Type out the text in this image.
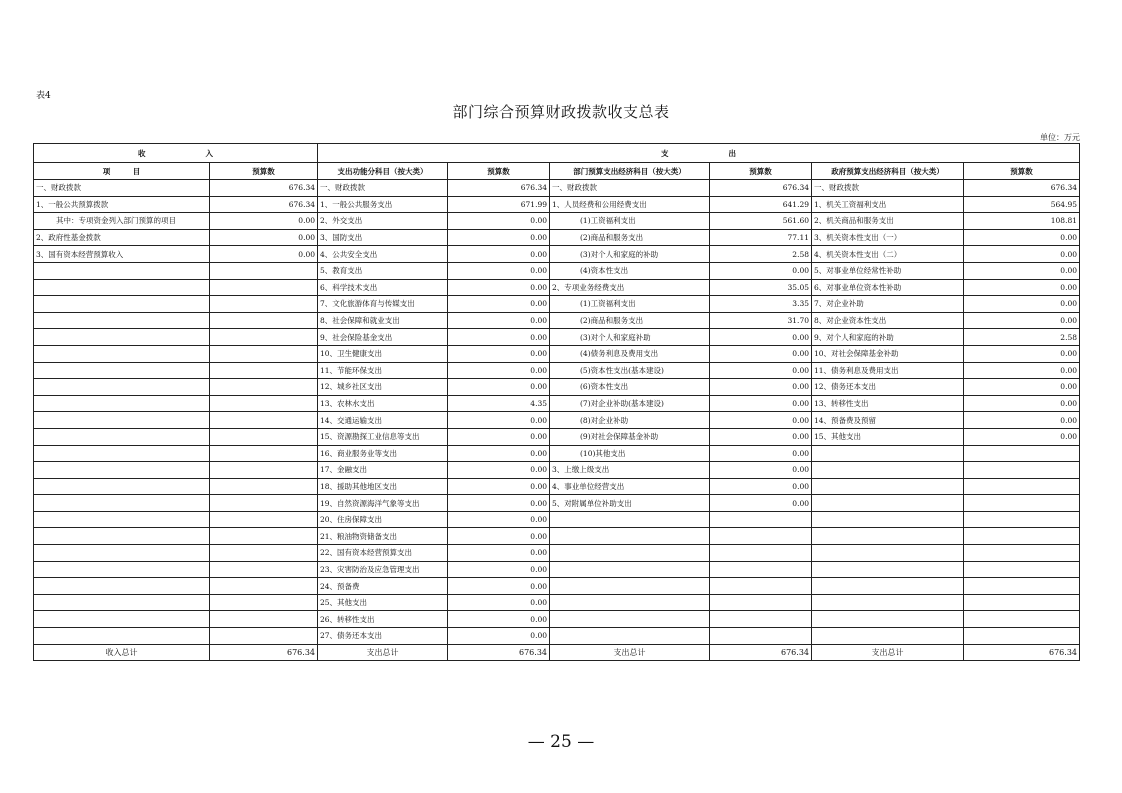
表4
部门综合预算财政拨款收支总表
单位：万元
收　　　　　　　　入		支　　　　　　　　出					
项　　　目	预算数	支出功能分科目（按大类）	预算数	部门预算支出经济科目（按大类）	预算数	政府预算支出经济科目（按大类）	预算数
一、财政拨款	676.34	一、财政拨款	676.34	一、财政拨款	676.34	一、财政拨款	676.34
1、一般公共预算拨款	676.34	1、一般公共服务支出	671.99	1、人员经费和公用经费支出	641.29	1、机关工资福利支出	564.95
其中：专项资金列入部门预算的项目	0.00	2、外交支出	0.00	(1)工资福利支出	561.60	2、机关商品和服务支出	108.81
2、政府性基金拨款	0.00	3、国防支出	0.00	(2)商品和服务支出	77.11	3、机关资本性支出（一）	0.00
3、国有资本经营预算收入	0.00	4、公共安全支出	0.00	(3)对个人和家庭的补助	2.58	4、机关资本性支出（二）	0.00
		5、教育支出	0.00	(4)资本性支出	0.00	5、对事业单位经常性补助	0.00
		6、科学技术支出	0.00	2、专项业务经费支出	35.05	6、对事业单位资本性补助	0.00
		7、文化旅游体育与传媒支出	0.00	(1)工资福利支出	3.35	7、对企业补助	0.00
		8、社会保障和就业支出	0.00	(2)商品和服务支出	31.70	8、对企业资本性支出	0.00
		9、社会保险基金支出	0.00	(3)对个人和家庭补助	0.00	9、对个人和家庭的补助	2.58
		10、卫生健康支出	0.00	(4)债务利息及费用支出	0.00	10、对社会保障基金补助	0.00
		11、节能环保支出	0.00	(5)资本性支出(基本建设)	0.00	11、债务利息及费用支出	0.00
		12、城乡社区支出	0.00	(6)资本性支出	0.00	12、债务还本支出	0.00
		13、农林水支出	4.35	(7)对企业补助(基本建设)	0.00	13、转移性支出	0.00
		14、交通运输支出	0.00	(8)对企业补助	0.00	14、预备费及预留	0.00
		15、资源勘探工业信息等支出	0.00	(9)对社会保障基金补助	0.00	15、其他支出	0.00
		16、商业服务业等支出	0.00	(10)其他支出	0.00		
		17、金融支出	0.00	3、上缴上级支出	0.00		
		18、援助其他地区支出	0.00	4、事业单位经营支出	0.00		
		19、自然资源海洋气象等支出	0.00	5、对附属单位补助支出	0.00		
		20、住房保障支出	0.00				
		21、粮油物资储备支出	0.00				
		22、国有资本经营预算支出	0.00				
		23、灾害防治及应急管理支出	0.00				
		24、预备费	0.00				
		25、其他支出	0.00				
		26、转移性支出	0.00				
		27、债务还本支出	0.00				
收入总计	676.34	支出总计	676.34	支出总计	676.34	支出总计	676.34
— 25 —
